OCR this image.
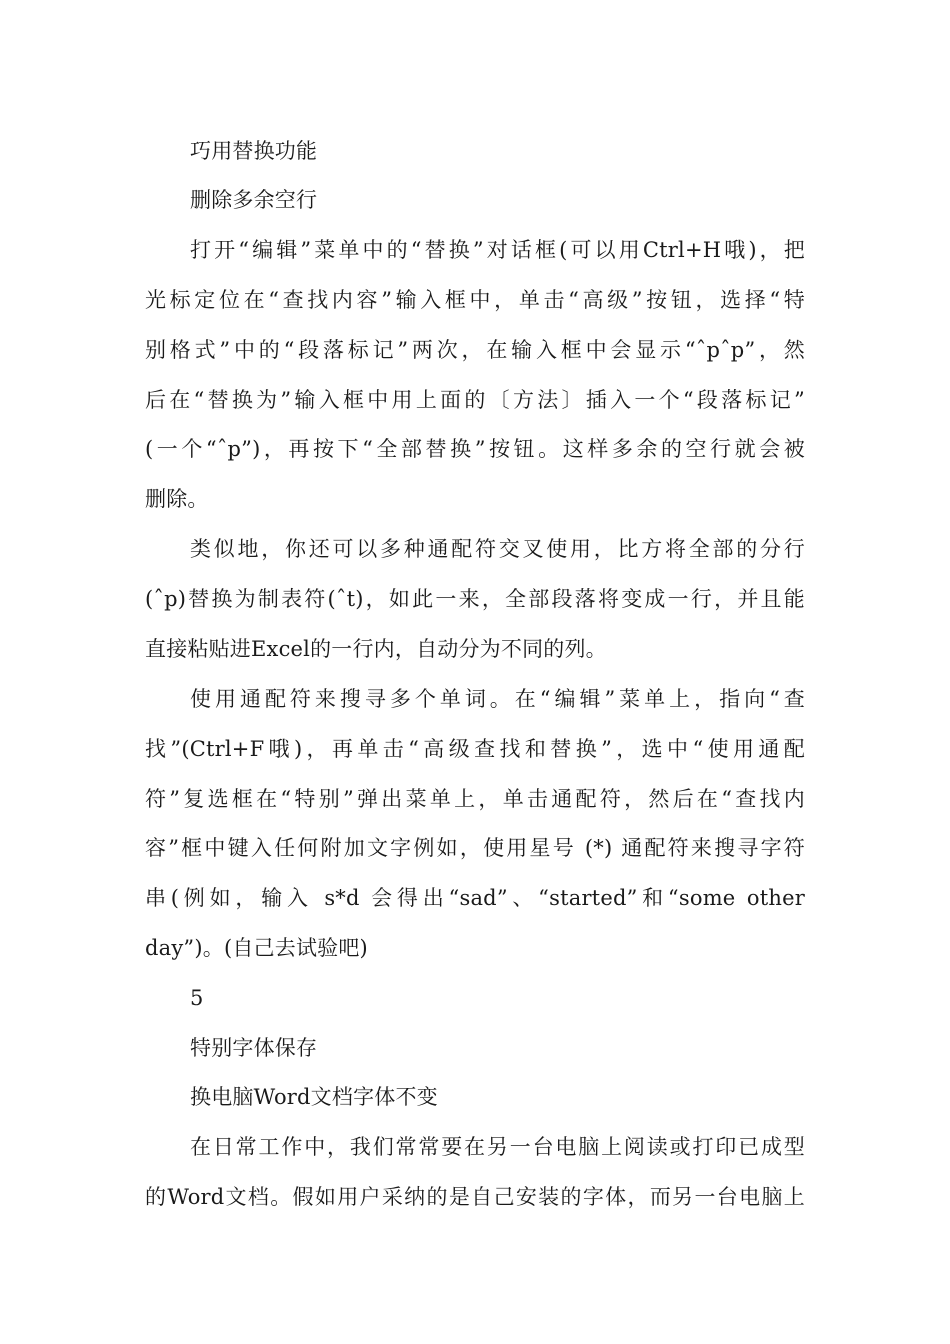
巧用替换功能
删除多余空行
打开“编辑”菜单中的“替换”对话框(可以用Ctrl+H哦)，把
光标定位在“查找内容”输入框中，单击“高级”按钮，选择“特
别格式”中的“段落标记”两次，在输入框中会显示“ˆpˆp”，然
后在“替换为”输入框中用上面的〔方法〕插入一个“段落标记”
(一个“ˆp”)，再按下“全部替换”按钮。这样多余的空行就会被
删除。
类似地，你还可以多种通配符交叉使用，比方将全部的分行
(ˆp)替换为制表符(ˆt)，如此一来，全部段落将变成一行，并且能
直接粘贴进Excel的一行内，自动分为不同的列。
使用通配符来搜寻多个单词。在“编辑”菜单上，指向“查
找”(Ctrl+F哦)，再单击“高级查找和替换”，选中“使用通配
符”复选框在“特别”弹出菜单上，单击通配符，然后在“查找内
容”框中键入任何附加文字例如，使用星号 (*) 通配符来搜寻字符
串(例如，输入 s*d 会得出“sad”、“started”和“some other
day”)。(自己去试验吧)
5
特别字体保存
换电脑Word文档字体不变
在日常工作中，我们常常要在另一台电脑上阅读或打印已成型
的Word文档。假如用户采纳的是自己安装的字体，而另一台电脑上
